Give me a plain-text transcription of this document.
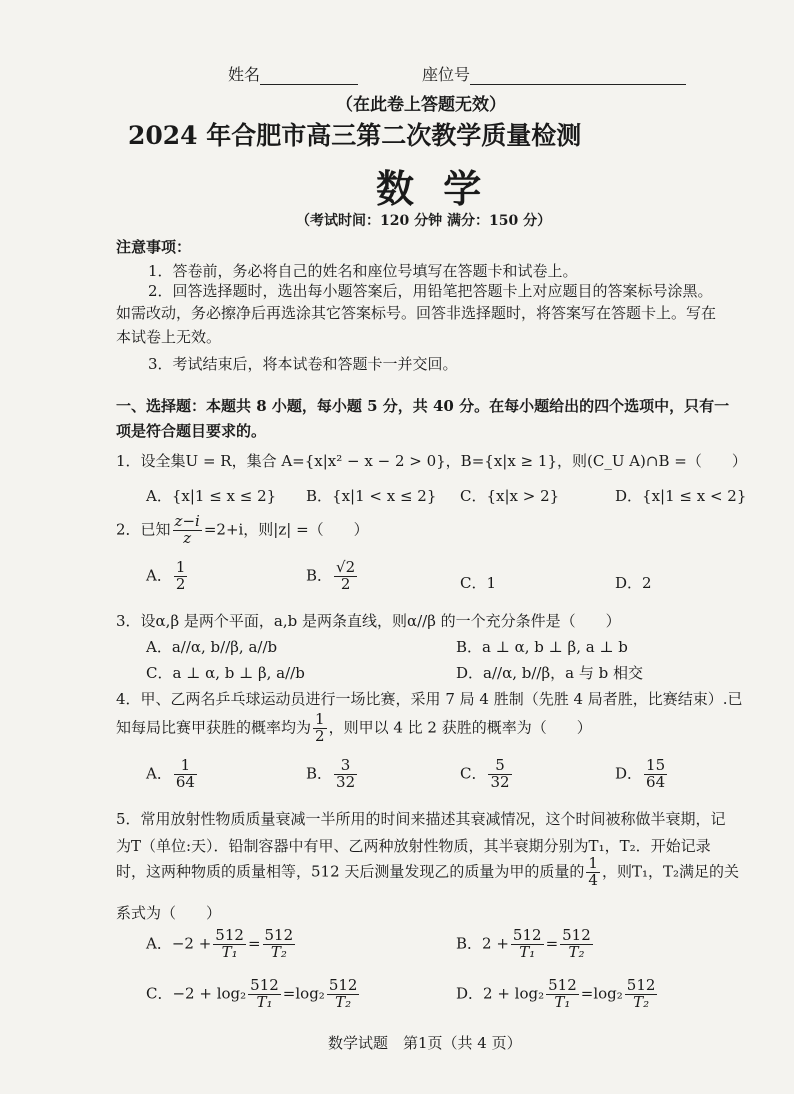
姓名	座位号
（在此卷上答题无效）
2024 年合肥市高三第二次教学质量检测
数 学
（考试时间：120 分钟 满分：150 分）
注意事项：
1．答卷前，务必将自己的姓名和座位号填写在答题卡和试卷上。
2．回答选择题时，选出每小题答案后，用铅笔把答题卡上对应题目的答案标号涂黑。
如需改动，务必擦净后再选涂其它答案标号。回答非选择题时，将答案写在答题卡上。写在
本试卷上无效。
3．考试结束后，将本试卷和答题卡一并交回。
一、选择题：本题共 8 小题，每小题 5 分，共 40 分。在每小题给出的四个选项中，只有一
项是符合题目要求的。
1．设全集U = R，集合 A={x|x² − x − 2 > 0}，B={x|x ≥ 1}，则(C_U A)∩B =（　　）
A．{x|1 ≤ x ≤ 2} B．{x|1 < x ≤ 2} C．{x|x > 2}	D．{x|1 ≤ x < 2}
2．已知 $\frac{z-i}{z} =2+i$，则|z| =（　　）
A． $\frac{1}{2}$	B． $\frac{√2}{2}$	C．1	D．2
3．设α,β 是两个平面，a,b 是两条直线，则α//β 的一个充分条件是（　　）
A．a//α, b//β, a//b	B．a ⊥ α, b ⊥ β, a ⊥ b
C．a ⊥ α, b ⊥ β, a//b	D．a//α, b//β，a 与 b 相交
4．甲、乙两名乒乓球运动员进行一场比赛，采用 7 局 4 胜制（先胜 4 局者胜，比赛结束）.已
知每局比赛甲获胜的概率均为 $\frac{1}{2}$ ，则甲以 4 比 2 获胜的概率为（　　）
A． $\frac{1}{64}$	B． $\frac{3}{32}$	C． $\frac{5}{32}$	D． $\frac{15}{64}$
5．常用放射性物质质量衰减一半所用的时间来描述其衰减情况，这个时间被称做半衰期，记
为T（单位:天）．铅制容器中有甲、乙两种放射性物质，其半衰期分别为T₁，T₂．开始记录
时，这两种物质的质量相等，512 天后测量发现乙的质量为甲的质量的 $\frac{1}{4}$ ，则T₁，T₂满足的关
系式为（　　）
A．$-2 + \frac{512}{\text{T₁}} = \frac{512}{\text{T₂}}$	B．$2 + \frac{512}{\text{T₁}} = \frac{512}{\text{T₂}}$
C．$-2 + \log_2 \frac{512}{\text{T₁}} =\log_2 \frac{512}{\text{T₂}}$	D．$2 + \log_2 \frac{512}{\text{T₁}} =\log_2 \frac{512}{\text{T₂}}$
数学试题　第1页（共 4 页）
